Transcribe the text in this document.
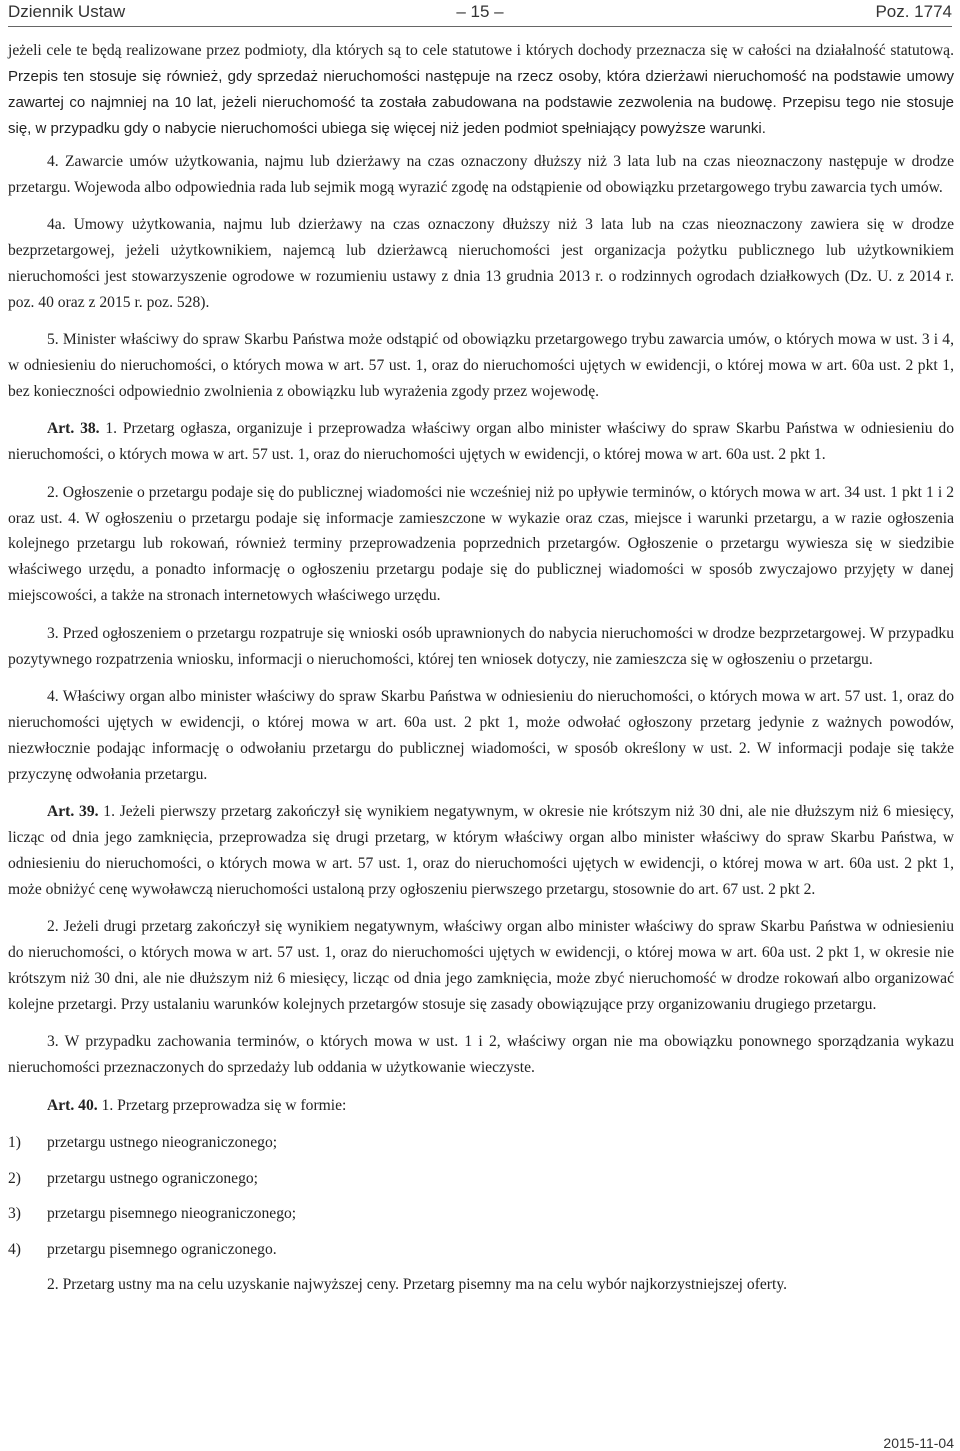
Dziennik Ustaw	– 15 –	Poz. 1774

jeżeli cele te będą realizowane przez podmioty, dla których są to cele statutowe i których dochody przeznacza się w całości na działalność statutową. Przepis ten stosuje się również, gdy sprzedaż nieruchomości następuje na rzecz osoby, która dzierżawi nieruchomość na podstawie umowy zawartej co najmniej na 10 lat, jeżeli nieruchomość ta została zabudowana na podstawie zezwolenia na budowę. Przepisu tego nie stosuje się, w przypadku gdy o nabycie nieruchomości ubiega się więcej niż jeden podmiot spełniający powyższe warunki.

4. Zawarcie umów użytkowania, najmu lub dzierżawy na czas oznaczony dłuższy niż 3 lata lub na czas nieoznaczony następuje w drodze przetargu. Wojewoda albo odpowiednia rada lub sejmik mogą wyrazić zgodę na odstąpienie od obowiązku przetargowego trybu zawarcia tych umów.

4a. Umowy użytkowania, najmu lub dzierżawy na czas oznaczony dłuższy niż 3 lata lub na czas nieoznaczony zawiera się w drodze bezprzetargowej, jeżeli użytkownikiem, najemcą lub dzierżawcą nieruchomości jest organizacja pożytku publicznego lub użytkownikiem nieruchomości jest stowarzyszenie ogrodowe w rozumieniu ustawy z dnia 13 grudnia 2013 r. o rodzinnych ogrodach działkowych (Dz. U. z 2014 r. poz. 40 oraz z 2015 r. poz. 528).

5. Minister właściwy do spraw Skarbu Państwa może odstąpić od obowiązku przetargowego trybu zawarcia umów, o których mowa w ust. 3 i 4, w odniesieniu do nieruchomości, o których mowa w art. 57 ust. 1, oraz do nieruchomości ujętych w ewidencji, o której mowa w art. 60a ust. 2 pkt 1, bez konieczności odpowiednio zwolnienia z obowiązku lub wyrażenia zgody przez wojewodę.

Art. 38. 1. Przetarg ogłasza, organizuje i przeprowadza właściwy organ albo minister właściwy do spraw Skarbu Państwa w odniesieniu do nieruchomości, o których mowa w art. 57 ust. 1, oraz do nieruchomości ujętych w ewidencji, o której mowa w art. 60a ust. 2 pkt 1.

2. Ogłoszenie o przetargu podaje się do publicznej wiadomości nie wcześniej niż po upływie terminów, o których mowa w art. 34 ust. 1 pkt 1 i 2 oraz ust. 4. W ogłoszeniu o przetargu podaje się informacje zamieszczone w wykazie oraz czas, miejsce i warunki przetargu, a w razie ogłoszenia kolejnego przetargu lub rokowań, również terminy przeprowadzenia poprzednich przetargów. Ogłoszenie o przetargu wywiesza się w siedzibie właściwego urzędu, a ponadto informację o ogłoszeniu przetargu podaje się do publicznej wiadomości w sposób zwyczajowo przyjęty w danej miejscowości, a także na stronach internetowych właściwego urzędu.

3. Przed ogłoszeniem o przetargu rozpatruje się wnioski osób uprawnionych do nabycia nieruchomości w drodze bezprzetargowej. W przypadku pozytywnego rozpatrzenia wniosku, informacji o nieruchomości, której ten wniosek dotyczy, nie zamieszcza się w ogłoszeniu o przetargu.

4. Właściwy organ albo minister właściwy do spraw Skarbu Państwa w odniesieniu do nieruchomości, o których mowa w art. 57 ust. 1, oraz do nieruchomości ujętych w ewidencji, o której mowa w art. 60a ust. 2 pkt 1, może odwołać ogłoszony przetarg jedynie z ważnych powodów, niezwłocznie podając informację o odwołaniu przetargu do publicznej wiadomości, w sposób określony w ust. 2. W informacji podaje się także przyczynę odwołania przetargu.

Art. 39. 1. Jeżeli pierwszy przetarg zakończył się wynikiem negatywnym, w okresie nie krótszym niż 30 dni, ale nie dłuższym niż 6 miesięcy, licząc od dnia jego zamknięcia, przeprowadza się drugi przetarg, w którym właściwy organ albo minister właściwy do spraw Skarbu Państwa, w odniesieniu do nieruchomości, o których mowa w art. 57 ust. 1, oraz do nieruchomości ujętych w ewidencji, o której mowa w art. 60a ust. 2 pkt 1, może obniżyć cenę wywoławczą nieruchomości ustaloną przy ogłoszeniu pierwszego przetargu, stosownie do art. 67 ust. 2 pkt 2.

2. Jeżeli drugi przetarg zakończył się wynikiem negatywnym, właściwy organ albo minister właściwy do spraw Skarbu Państwa w odniesieniu do nieruchomości, o których mowa w art. 57 ust. 1, oraz do nieruchomości ujętych w ewidencji, o której mowa w art. 60a ust. 2 pkt 1, w okresie nie krótszym niż 30 dni, ale nie dłuższym niż 6 miesięcy, licząc od dnia jego zamknięcia, może zbyć nieruchomość w drodze rokowań albo organizować kolejne przetargi. Przy ustalaniu warunków kolejnych przetargów stosuje się zasady obowiązujące przy organizowaniu drugiego przetargu.

3. W przypadku zachowania terminów, o których mowa w ust. 1 i 2, właściwy organ nie ma obowiązku ponownego sporządzania wykazu nieruchomości przeznaczonych do sprzedaży lub oddania w użytkowanie wieczyste.

Art. 40. 1. Przetarg przeprowadza się w formie:

1)	przetargu ustnego nieograniczonego;
2)	przetargu ustnego ograniczonego;
3)	przetargu pisemnego nieograniczonego;
4)	przetargu pisemnego ograniczonego.

2. Przetarg ustny ma na celu uzyskanie najwyższej ceny. Przetarg pisemny ma na celu wybór najkorzystniejszej oferty.

2015-11-04
